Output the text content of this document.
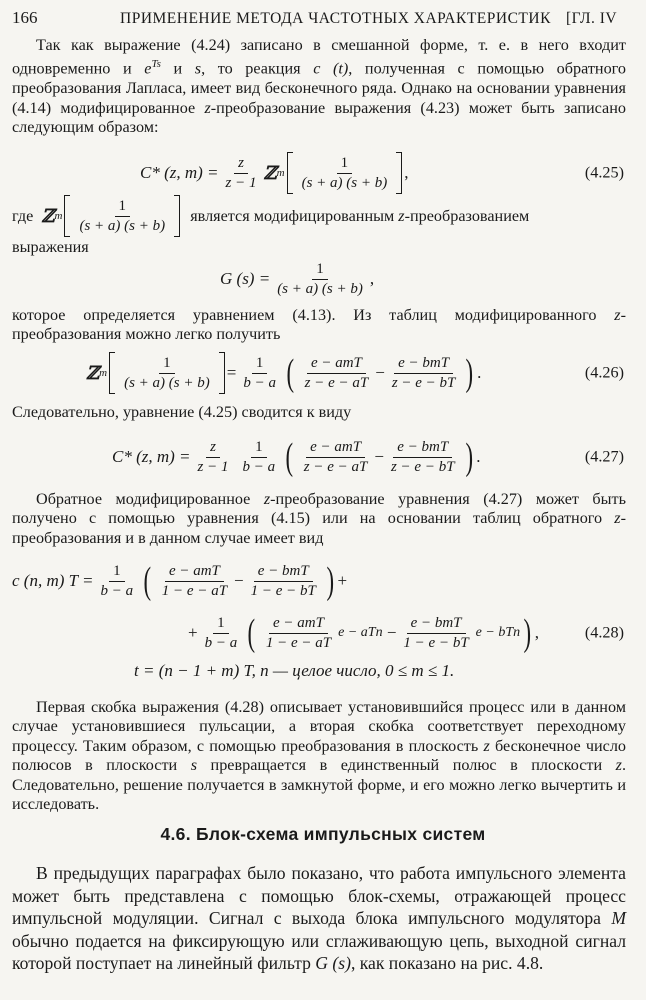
166	ПРИМЕНЕНИЕ МЕТОДА ЧАСТОТНЫХ ХАРАКТЕРИСТИК [ГЛ. IV

Так как выражение (4.24) записано в смешанной форме, т. е. в него входит одновременно и $e^{Ts}$ и s, то реакция c (t), полученная с помощью обратного преобразования Лапласа, имеет вид бесконечного ряда. Однако на основании уравнения (4.14) модифицированное z-преобразование выражения (4.23) может быть записано следующим образом:

C* (z, $m) = \frac{z}{z - 1}$ ℤ m $\frac{1}{(s + a) (s + b)}$ ,	(4.25)
где
ℤ m $\frac{1}{(s + a) (s + b)}$
является модифицированным
z -преобразованием
выражения
G $(s) = \frac{1}{(s + a) (s + b)}$ ,

которое определяется уравнением (4.13). Из таблиц модифицированного z-преобразования можно легко получить

ℤ m $\frac{1}{(s + a) (s + b)} = \frac{1}{b - a}$ ( $\frac{\text{e − amT}}{z - e - aT} - \frac{\text{e − bmT}}{z - e - bT}$ ) .	(4.26)

Следовательно, уравнение (4.25) сводится к виду

C* (z, $m) = \frac{z}{z - 1} \frac{1}{b - a}$ ( $\frac{\text{e − amT}}{z - e - aT} - \frac{\text{e − bmT}}{z - e - bT}$ ) .	(4.27)

Обратное модифицированное z-преобразование уравнения (4.27) может быть получено с помощью уравнения (4.15) или на основании таблиц обратного z-преобразования и в данном случае имеет вид

c (n, m) $T = \frac{1}{b - a}$ ( $\frac{\text{e − amT}}{1 - e - aT} - \frac{\text{e − bmT}}{1 - e - bT}$ ) +
+ $\frac{1}{b - a}$ ( $\frac{\text{e − amT}}{1 - e - aT}$ e − aTn
− $\frac{\text{e − bmT}}{1 - e - bT}$ e − bTn ) ,	(4.28)
t = (n − 1 + m) T, n — целое число, 0 ≤ m ≤ 1.

Первая скобка выражения (4.28) описывает установившийся процесс или в данном случае установившиеся пульсации, а вторая скобка соответствует переходному процессу. Таким образом, с помощью преобразования в плоскость z бесконечное число полюсов в плоскости s превращается в единственный полюс в плоскости z. Следовательно, решение получается в замкнутой форме, и его можно легко вычертить и исследовать.

4.6. Блок-схема импульсных систем

В предыдущих параграфах было показано, что работа импульсного элемента может быть представлена с помощью блок-схемы, отражающей процесс импульсной модуляции. Сигнал с выхода блока импульсного модулятора M обычно подается на фиксирующую или сглаживающую цепь, выходной сигнал которой поступает на линейный фильтр G (s), как показано на рис. 4.8.
